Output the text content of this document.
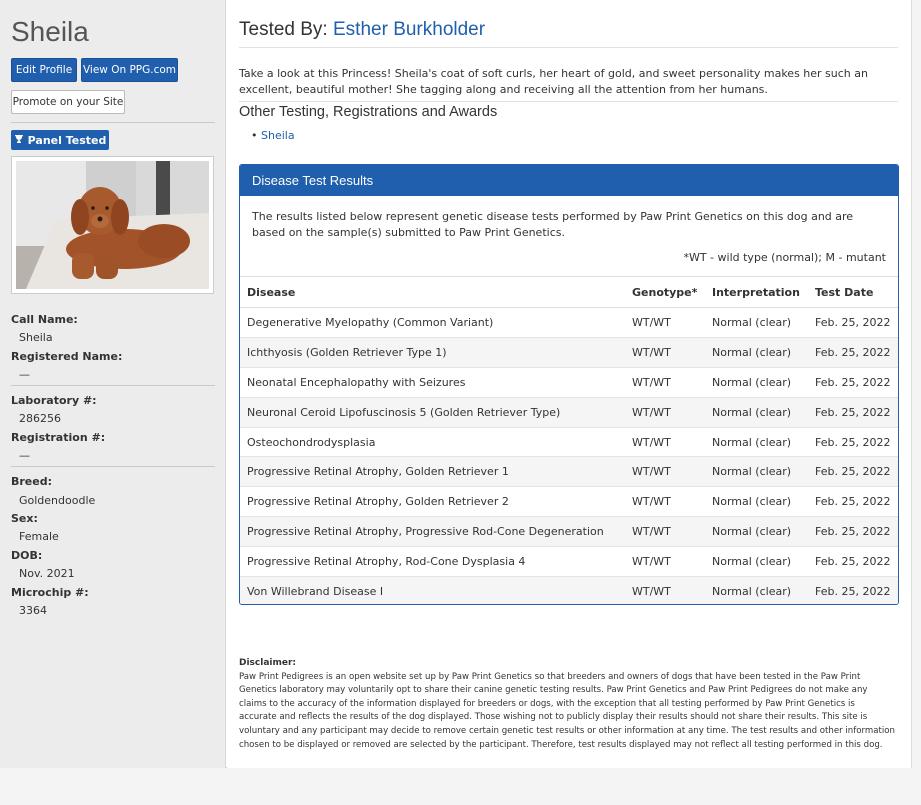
Sheila
Edit Profile	View On PPG.com
Promote on your Site
Panel Tested
Call Name:
Sheila
Registered Name:
—
Laboratory #:
286256
Registration #:
—
Breed:
Goldendoodle
Sex:
Female
DOB:
Nov. 2021
Microchip #:
3364
Tested By: Esther Burkholder
Take a look at this Princess! Sheila's coat of soft curls, her heart of gold, and sweet personality makes her such an excellent, beautiful mother! She tagging along and receiving all the attention from her humans.
Other Testing, Registrations and Awards
• Sheila
Disease Test Results
The results listed below represent genetic disease tests performed by Paw Print Genetics on this dog and are based on the sample(s) submitted to Paw Print Genetics.
*WT - wild type (normal); M - mutant
Disease	Genotype*	Interpretation	Test Date
Degenerative Myelopathy (Common Variant)	WT/WT	Normal (clear)	Feb. 25, 2022
Ichthyosis (Golden Retriever Type 1)	WT/WT	Normal (clear)	Feb. 25, 2022
Neonatal Encephalopathy with Seizures	WT/WT	Normal (clear)	Feb. 25, 2022
Neuronal Ceroid Lipofuscinosis 5 (Golden Retriever Type)	WT/WT	Normal (clear)	Feb. 25, 2022
Osteochondrodysplasia	WT/WT	Normal (clear)	Feb. 25, 2022
Progressive Retinal Atrophy, Golden Retriever 1	WT/WT	Normal (clear)	Feb. 25, 2022
Progressive Retinal Atrophy, Golden Retriever 2	WT/WT	Normal (clear)	Feb. 25, 2022
Progressive Retinal Atrophy, Progressive Rod-Cone Degeneration	WT/WT	Normal (clear)	Feb. 25, 2022
Progressive Retinal Atrophy, Rod-Cone Dysplasia 4	WT/WT	Normal (clear)	Feb. 25, 2022
Von Willebrand Disease I	WT/WT	Normal (clear)	Feb. 25, 2022
Disclaimer:
Paw Print Pedigrees is an open website set up by Paw Print Genetics so that breeders and owners of dogs that have been tested in the Paw Print Genetics laboratory may voluntarily opt to share their canine genetic testing results. Paw Print Genetics and Paw Print Pedigrees do not make any claims to the accuracy of the information displayed for breeders or dogs, with the exception that all testing performed by Paw Print Genetics is accurate and reflects the results of the dog displayed. Those wishing not to publicly display their results should not share their results. This site is voluntary and any participant may decide to remove certain genetic test results or other information at any time. The test results and other information chosen to be displayed or removed are selected by the participant. Therefore, test results displayed may not reflect all testing performed in this dog.
